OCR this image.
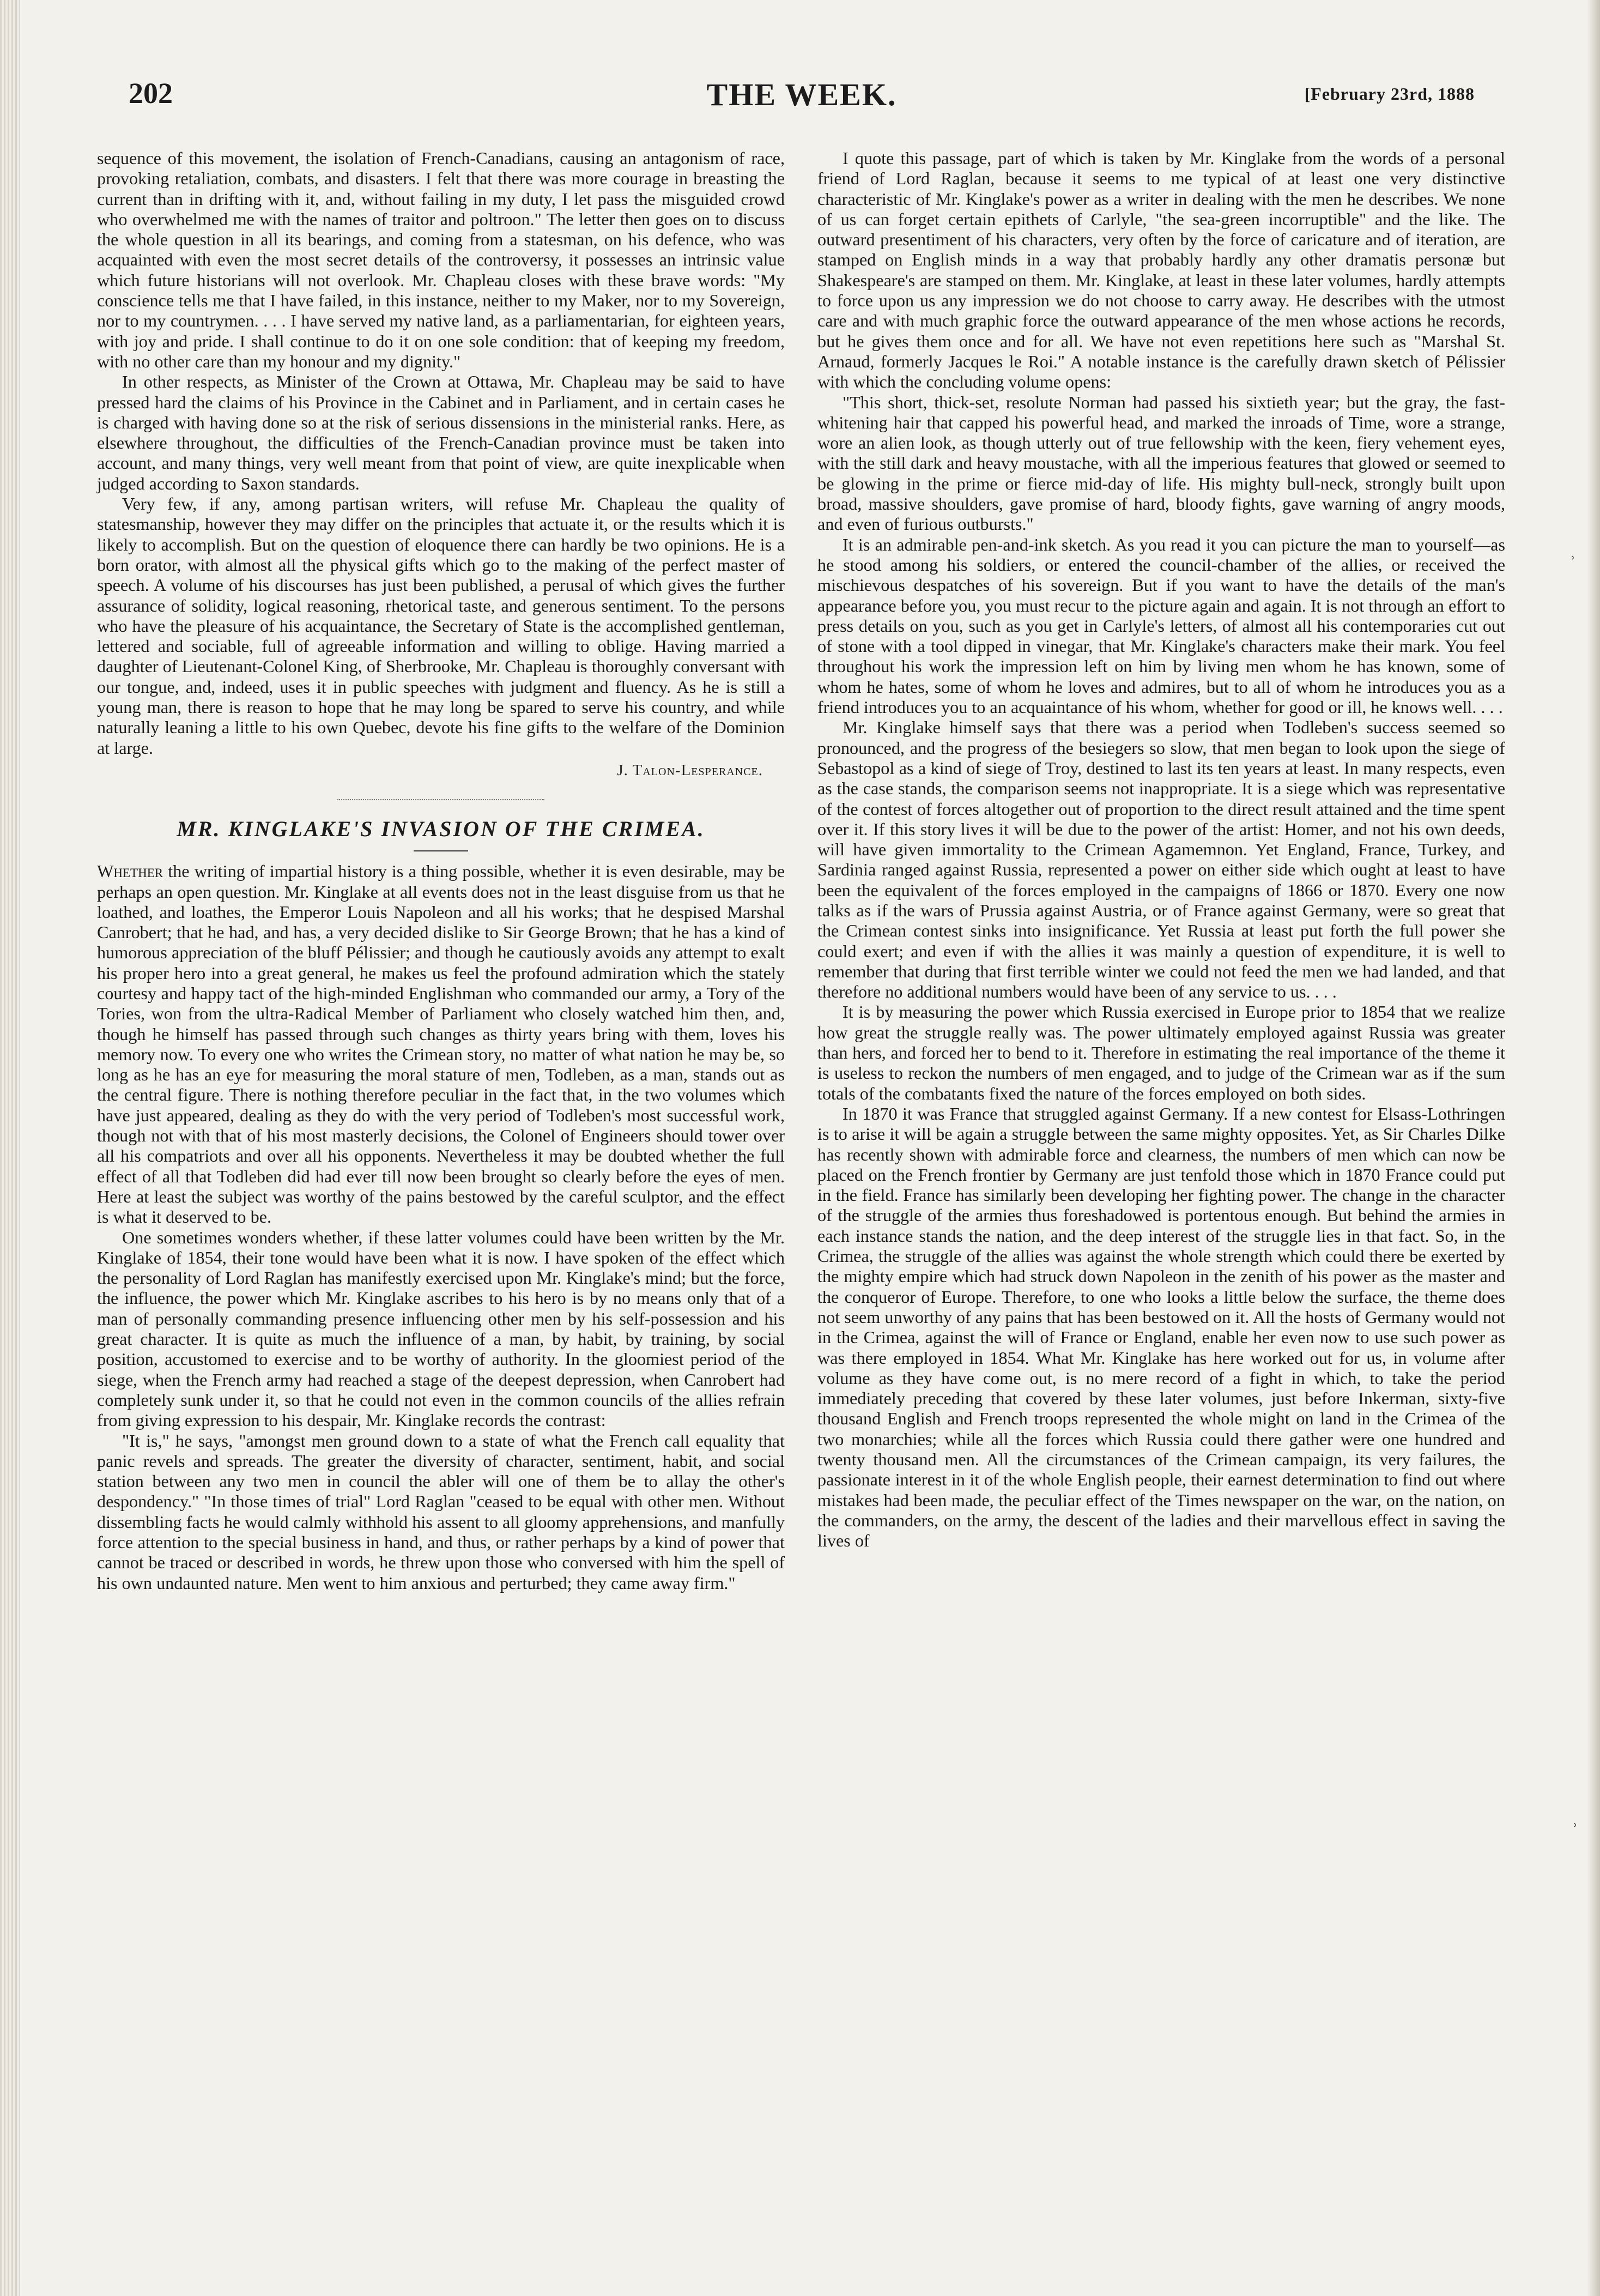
202	THE WEEK.	[February 23rd, 1888

sequence of this movement, the isolation of French-Canadians, causing an antagonism of race, provoking retaliation, combats, and disasters. I felt that there was more courage in breasting the current than in drifting with it, and, without failing in my duty, I let pass the misguided crowd who overwhelmed me with the names of traitor and poltroon." The letter then goes on to discuss the whole question in all its bearings, and coming from a statesman, on his defence, who was acquainted with even the most secret details of the controversy, it possesses an intrinsic value which future historians will not overlook. Mr. Chapleau closes with these brave words: "My conscience tells me that I have failed, in this instance, neither to my Maker, nor to my Sovereign, nor to my countrymen. . . . I have served my native land, as a parliamentarian, for eighteen years, with joy and pride. I shall continue to do it on one sole condition: that of keeping my freedom, with no other care than my honour and my dignity."

In other respects, as Minister of the Crown at Ottawa, Mr. Chapleau may be said to have pressed hard the claims of his Province in the Cabinet and in Parliament, and in certain cases he is charged with having done so at the risk of serious dissensions in the ministerial ranks. Here, as elsewhere throughout, the difficulties of the French-Canadian province must be taken into account, and many things, very well meant from that point of view, are quite inexplicable when judged according to Saxon standards.

Very few, if any, among partisan writers, will refuse Mr. Chapleau the quality of statesmanship, however they may differ on the principles that actuate it, or the results which it is likely to accomplish. But on the question of eloquence there can hardly be two opinions. He is a born orator, with almost all the physical gifts which go to the making of the perfect master of speech. A volume of his discourses has just been published, a perusal of which gives the further assurance of solidity, logical reasoning, rhetorical taste, and generous sentiment. To the persons who have the pleasure of his acquaintance, the Secretary of State is the accomplished gentleman, lettered and sociable, full of agreeable information and willing to oblige. Having married a daughter of Lieutenant-Colonel King, of Sherbrooke, Mr. Chapleau is thoroughly conversant with our tongue, and, indeed, uses it in public speeches with judgment and fluency. As he is still a young man, there is reason to hope that he may long be spared to serve his country, and while naturally leaning a little to his own Quebec, devote his fine gifts to the welfare of the Dominion at large.

J. Talon-Lesperance.
MR. KINGLAKE'S INVASION OF THE CRIMEA.

Whether the writing of impartial history is a thing possible, whether it is even desirable, may be perhaps an open question. Mr. Kinglake at all events does not in the least disguise from us that he loathed, and loathes, the Emperor Louis Napoleon and all his works; that he despised Marshal Canrobert; that he had, and has, a very decided dislike to Sir George Brown; that he has a kind of humorous appreciation of the bluff Pélissier; and though he cautiously avoids any attempt to exalt his proper hero into a great general, he makes us feel the profound admiration which the stately courtesy and happy tact of the high-minded Englishman who commanded our army, a Tory of the Tories, won from the ultra-Radical Member of Parliament who closely watched him then, and, though he himself has passed through such changes as thirty years bring with them, loves his memory now. To every one who writes the Crimean story, no matter of what nation he may be, so long as he has an eye for measuring the moral stature of men, Todleben, as a man, stands out as the central figure. There is nothing therefore peculiar in the fact that, in the two volumes which have just appeared, dealing as they do with the very period of Todleben's most successful work, though not with that of his most masterly decisions, the Colonel of Engineers should tower over all his compatriots and over all his opponents. Nevertheless it may be doubted whether the full effect of all that Todleben did had ever till now been brought so clearly before the eyes of men. Here at least the subject was worthy of the pains bestowed by the careful sculptor, and the effect is what it deserved to be.

One sometimes wonders whether, if these latter volumes could have been written by the Mr. Kinglake of 1854, their tone would have been what it is now. I have spoken of the effect which the personality of Lord Raglan has manifestly exercised upon Mr. Kinglake's mind; but the force, the influence, the power which Mr. Kinglake ascribes to his hero is by no means only that of a man of personally commanding presence influencing other men by his self-possession and his great character. It is quite as much the influence of a man, by habit, by training, by social position, accustomed to exercise and to be worthy of authority. In the gloomiest period of the siege, when the French army had reached a stage of the deepest depression, when Canrobert had completely sunk under it, so that he could not even in the common councils of the allies refrain from giving expression to his despair, Mr. Kinglake records the contrast:

"It is," he says, "amongst men ground down to a state of what the French call equality that panic revels and spreads. The greater the diversity of character, sentiment, habit, and social station between any two men in council the abler will one of them be to allay the other's despondency." "In those times of trial" Lord Raglan "ceased to be equal with other men. Without dissembling facts he would calmly withhold his assent to all gloomy apprehensions, and manfully force attention to the special business in hand, and thus, or rather perhaps by a kind of power that cannot be traced or described in words, he threw upon those who conversed with him the spell of his own undaunted nature. Men went to him anxious and perturbed; they came away firm."

I quote this passage, part of which is taken by Mr. Kinglake from the words of a personal friend of Lord Raglan, because it seems to me typical of at least one very distinctive characteristic of Mr. Kinglake's power as a writer in dealing with the men he describes. We none of us can forget certain epithets of Carlyle, "the sea-green incorruptible" and the like. The outward presentiment of his characters, very often by the force of caricature and of iteration, are stamped on English minds in a way that probably hardly any other dramatis personæ but Shakespeare's are stamped on them. Mr. Kinglake, at least in these later volumes, hardly attempts to force upon us any impression we do not choose to carry away. He describes with the utmost care and with much graphic force the outward appearance of the men whose actions he records, but he gives them once and for all. We have not even repetitions here such as "Marshal St. Arnaud, formerly Jacques le Roi." A notable instance is the carefully drawn sketch of Pélissier with which the concluding volume opens:

"This short, thick-set, resolute Norman had passed his sixtieth year; but the gray, the fast-whitening hair that capped his powerful head, and marked the inroads of Time, wore a strange, wore an alien look, as though utterly out of true fellowship with the keen, fiery vehement eyes, with the still dark and heavy moustache, with all the imperious features that glowed or seemed to be glowing in the prime or fierce mid-day of life. His mighty bull-neck, strongly built upon broad, massive shoulders, gave promise of hard, bloody fights, gave warning of angry moods, and even of furious outbursts."

It is an admirable pen-and-ink sketch. As you read it you can picture the man to yourself—as he stood among his soldiers, or entered the council-chamber of the allies, or received the mischievous despatches of his sovereign. But if you want to have the details of the man's appearance before you, you must recur to the picture again and again. It is not through an effort to press details on you, such as you get in Carlyle's letters, of almost all his contemporaries cut out of stone with a tool dipped in vinegar, that Mr. Kinglake's characters make their mark. You feel throughout his work the impression left on him by living men whom he has known, some of whom he hates, some of whom he loves and admires, but to all of whom he introduces you as a friend introduces you to an acquaintance of his whom, whether for good or ill, he knows well. . . .

Mr. Kinglake himself says that there was a period when Todleben's success seemed so pronounced, and the progress of the besiegers so slow, that men began to look upon the siege of Sebastopol as a kind of siege of Troy, destined to last its ten years at least. In many respects, even as the case stands, the comparison seems not inappropriate. It is a siege which was representative of the contest of forces altogether out of proportion to the direct result attained and the time spent over it. If this story lives it will be due to the power of the artist: Homer, and not his own deeds, will have given immortality to the Crimean Agamemnon. Yet England, France, Turkey, and Sardinia ranged against Russia, represented a power on either side which ought at least to have been the equivalent of the forces employed in the campaigns of 1866 or 1870. Every one now talks as if the wars of Prussia against Austria, or of France against Germany, were so great that the Crimean contest sinks into insignificance. Yet Russia at least put forth the full power she could exert; and even if with the allies it was mainly a question of expenditure, it is well to remember that during that first terrible winter we could not feed the men we had landed, and that therefore no additional numbers would have been of any service to us. . . .

It is by measuring the power which Russia exercised in Europe prior to 1854 that we realize how great the struggle really was. The power ultimately employed against Russia was greater than hers, and forced her to bend to it. Therefore in estimating the real importance of the theme it is useless to reckon the numbers of men engaged, and to judge of the Crimean war as if the sum totals of the combatants fixed the nature of the forces employed on both sides.

In 1870 it was France that struggled against Germany. If a new contest for Elsass-Lothringen is to arise it will be again a struggle between the same mighty opposites. Yet, as Sir Charles Dilke has recently shown with admirable force and clearness, the numbers of men which can now be placed on the French frontier by Germany are just tenfold those which in 1870 France could put in the field. France has similarly been developing her fighting power. The change in the character of the struggle of the armies thus foreshadowed is portentous enough. But behind the armies in each instance stands the nation, and the deep interest of the struggle lies in that fact. So, in the Crimea, the struggle of the allies was against the whole strength which could there be exerted by the mighty empire which had struck down Napoleon in the zenith of his power as the master and the conqueror of Europe. Therefore, to one who looks a little below the surface, the theme does not seem unworthy of any pains that has been bestowed on it. All the hosts of Germany would not in the Crimea, against the will of France or England, enable her even now to use such power as was there employed in 1854. What Mr. Kinglake has here worked out for us, in volume after volume as they have come out, is no mere record of a fight in which, to take the period immediately preceding that covered by these later volumes, just before Inkerman, sixty-five thousand English and French troops represented the whole might on land in the Crimea of the two monarchies; while all the forces which Russia could there gather were one hundred and twenty thousand men. All the circumstances of the Crimean campaign, its very failures, the passionate interest in it of the whole English people, their earnest determination to find out where mistakes had been made, the peculiar effect of the Times newspaper on the war, on the nation, on the commanders, on the army, the descent of the ladies and their marvellous effect in saving the lives of

˒
˒
